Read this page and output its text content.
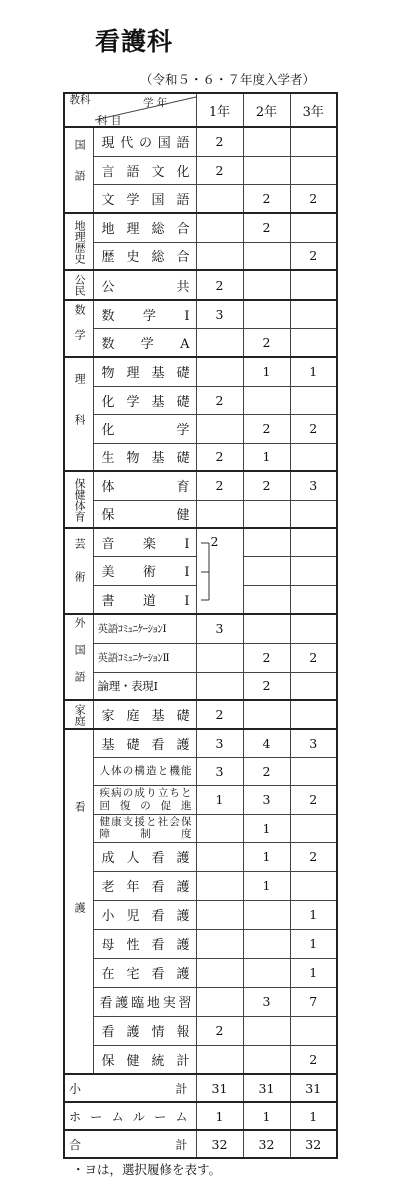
看護科
（令和５・６・７年度入学者）
教科 学 年
科 目		1年	2年	3年
国語	現代の国語	2		
	言語文化	2		
	文学国語		2	2
地理歴史	地理総合		2	
	歴史総合			2
公民	公共	2		
数学	数学Ⅰ	3		
	数学A		2	
理科	物理基礎		1	1
	化学基礎	2		
	化学		2	2
	生物基礎	2	1	
保健体育	体育	2	2	3
	保健			
芸術	音楽Ⅰ	2		

	美術Ⅰ			
	書道Ⅰ			
外国語	英語ｺﾐｭﾆｹｰｼｮﾝⅠ	3		
	英語ｺﾐｭﾆｹｰｼｮﾝⅡ		2	2
	論理・表現Ⅰ		2	
家庭	家庭基礎	2		
看護	基礎看護	3	4	3
	人体の構造と機能	3	2	
	疾病の成り立ちと回復の促進	1	3	2
	健康支援と社会保障制度		1	
	成人看護		1	2
	老年看護		1	
	小児看護			1
	母性看護			1
	在宅看護			1
	看護臨地実習		3	7
	看護情報	2		
	保健統計			2
小計		31	31	31
ホームルーム		1	1	1
合計		32	32	32
・ヨは，選択履修を表す。
